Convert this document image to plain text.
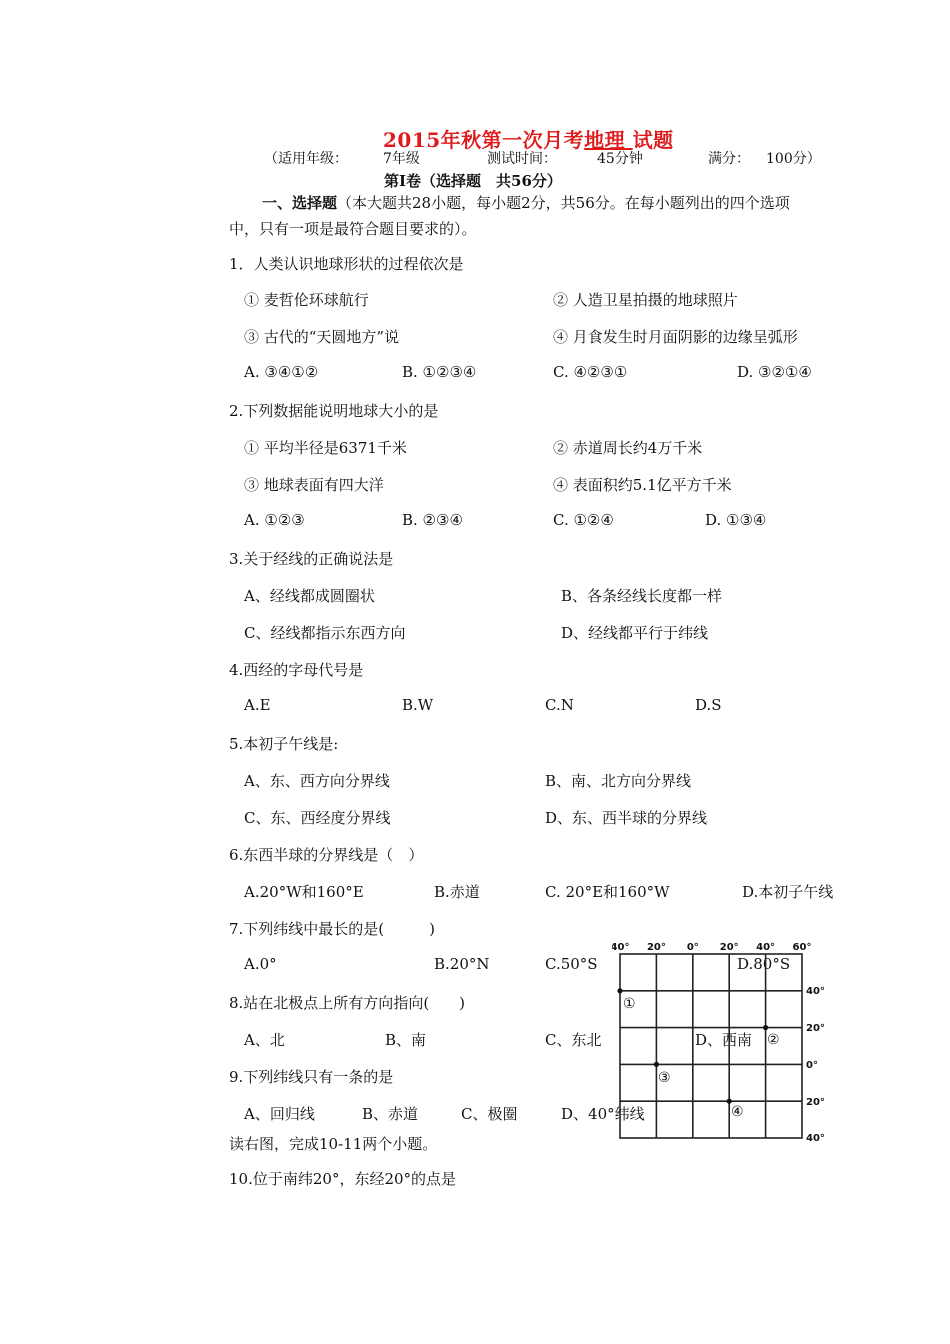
2015年秋第一次月考地理 试题
（适用年级：	7年级	测试时间：	45分钟	满分： 100分）
第Ⅰ卷（选择题　共56分）
一、选择题（本大题共28小题，每小题2分，共56分。在每小题列出的四个选项
中，只有一项是最符合题目要求的）。
1．人类认识地球形状的过程依次是
① 麦哲伦环球航行	② 人造卫星拍摄的地球照片
③ 古代的“天圆地方”说	④ 月食发生时月面阴影的边缘呈弧形
A. ③④①②	B. ①②③④	C. ④②③①	D. ③②①④
2.下列数据能说明地球大小的是
① 平均半径是6371千米	② 赤道周长约4万千米
③ 地球表面有四大洋	④ 表面积约5.1亿平方千米
A. ①②③	B. ②③④	C. ①②④	D. ①③④
3.关于经线的正确说法是
A、经线都成圆圈状	B、各条经线长度都一样
C、经线都指示东西方向	D、经线都平行于纬线
4.西经的字母代号是
A.E	B.W	C.N	D.S
5.本初子午线是:
A、东、西方向分界线	B、南、北方向分界线
C、东、西经度分界线	D、东、西半球的分界线
6.东西半球的分界线是（　）
A.20°W和160°E	B.赤道	C. 20°E和160°W	D.本初子午线
7.下列纬线中最长的是(　　　)
A.0°	B.20°N	C.50°S	D.80°S
8.站在北极点上所有方向指向(　　)
A、北	B、南	C、东北	D、西南
9.下列纬线只有一条的是
A、回归线	B、赤道	C、极圈	D、40°纬线
读右图，完成10-11两个小题。
10.位于南纬20°，东经20°的点是
40° 20° 0° 20° 40° 60°
40°
20°
0°
20°
40°
①
②
③
④
